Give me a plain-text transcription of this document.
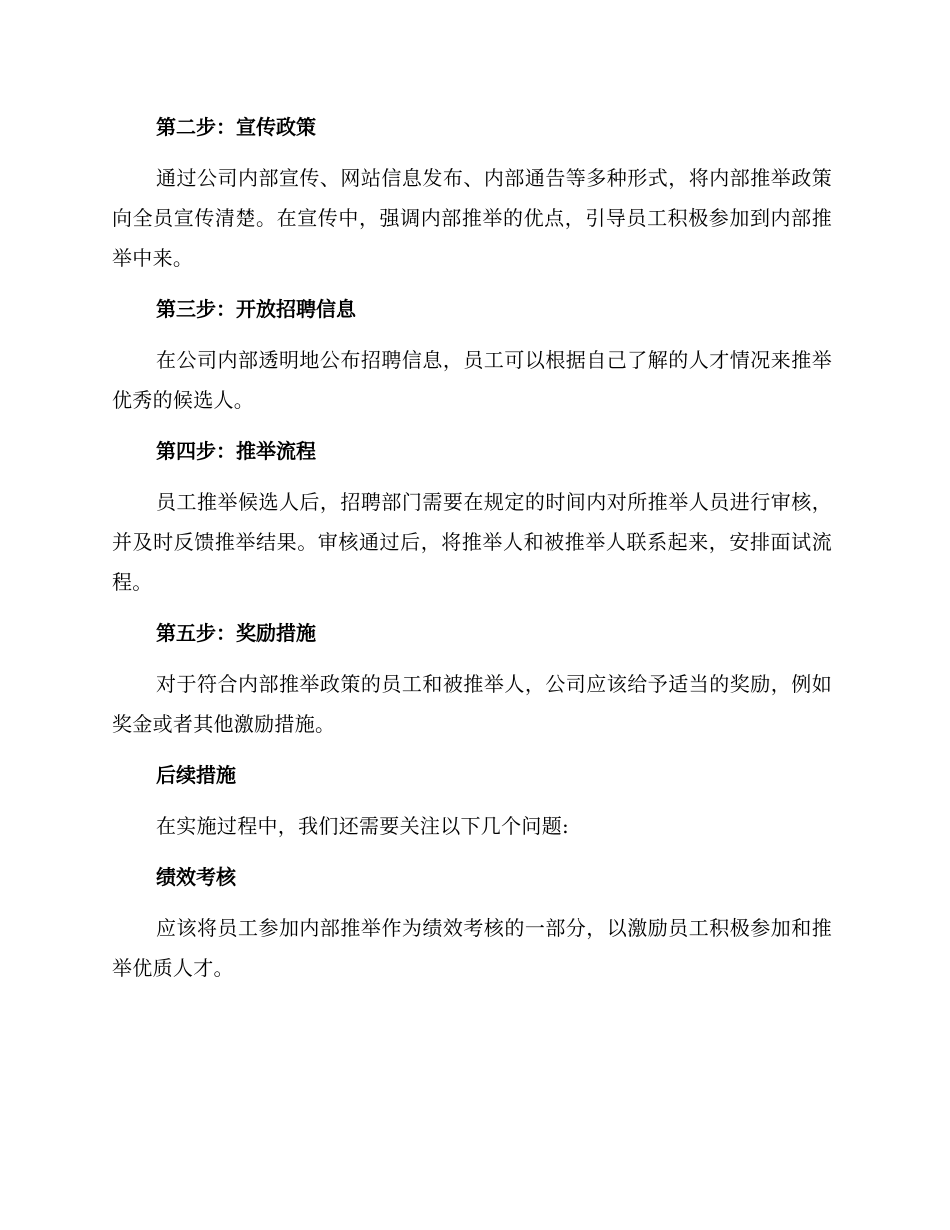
第二步：宣传政策

通过公司内部宣传、网站信息发布、内部通告等多种形式，将内部推举政策向全员宣传清楚。在宣传中，强调内部推举的优点，引导员工积极参加到内部推举中来。

第三步：开放招聘信息

在公司内部透明地公布招聘信息，员工可以根据自己了解的人才情况来推举优秀的候选人。

第四步：推举流程

员工推举候选人后，招聘部门需要在规定的时间内对所推举人员进行审核，并及时反馈推举结果。审核通过后，将推举人和被推举人联系起来，安排面试流程。

第五步：奖励措施

对于符合内部推举政策的员工和被推举人，公司应该给予适当的奖励，例如奖金或者其他激励措施。

后续措施

在实施过程中，我们还需要关注以下几个问题:

绩效考核

应该将员工参加内部推举作为绩效考核的一部分，以激励员工积极参加和推举优质人才。
